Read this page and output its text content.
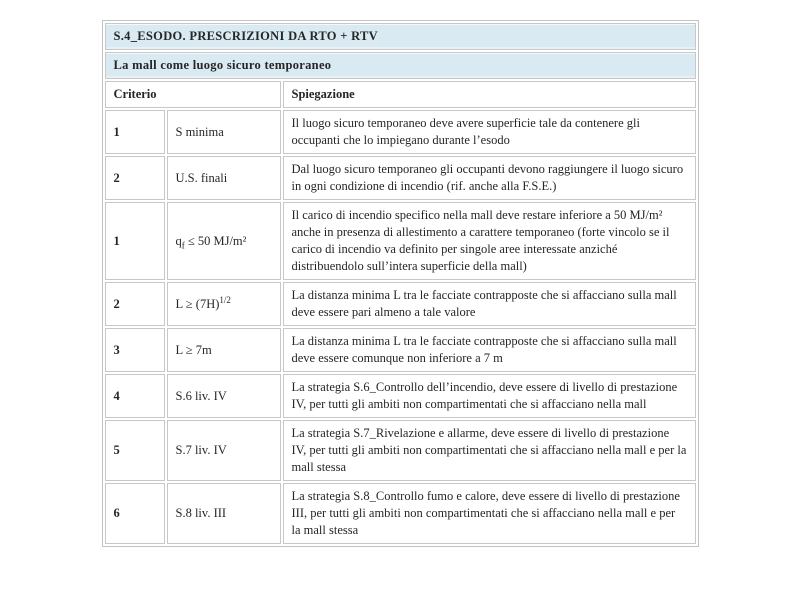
S.4_ESODO. PRESCRIZIONI DA RTO + RTV		
La mall come luogo sicuro temporaneo		
Criterio		Spiegazione
1	S minima	Il luogo sicuro temporaneo deve avere superficie tale da contenere gli occupanti che lo impiegano durante l’esodo
2	U.S. finali	Dal luogo sicuro temporaneo gli occupanti devono raggiungere il luogo sicuro in ogni condizione di incendio (rif. anche alla F.S.E.)
1	$q_f \le 50$ MJ/m²	Il carico di incendio specifico nella mall deve restare inferiore a 50 MJ/m² anche in presenza di allestimento a carattere temporaneo (forte vincolo se il carico di incendio va definito per singole aree interessate anziché distribuendolo sull’intera superficie della mall)
2	$L \ge (7H)^{1/2}$	La distanza minima L tra le facciate contrapposte che si affacciano sulla mall deve essere pari almeno a tale valore
3	L ≥ 7m	La distanza minima L tra le facciate contrapposte che si affacciano sulla mall deve essere comunque non inferiore a 7 m
4	S.6 liv. IV	La strategia S.6_Controllo dell’incendio, deve essere di livello di prestazione IV, per tutti gli ambiti non compartimentati che si affacciano nella mall
5	S.7 liv. IV	La strategia S.7_Rivelazione e allarme, deve essere di livello di prestazione IV, per tutti gli ambiti non compartimentati che si affacciano nella mall e per la mall stessa
6	S.8 liv. III	La strategia S.8_Controllo fumo e calore, deve essere di livello di prestazione III, per tutti gli ambiti non compartimentati che si affacciano nella mall e per la mall stessa
